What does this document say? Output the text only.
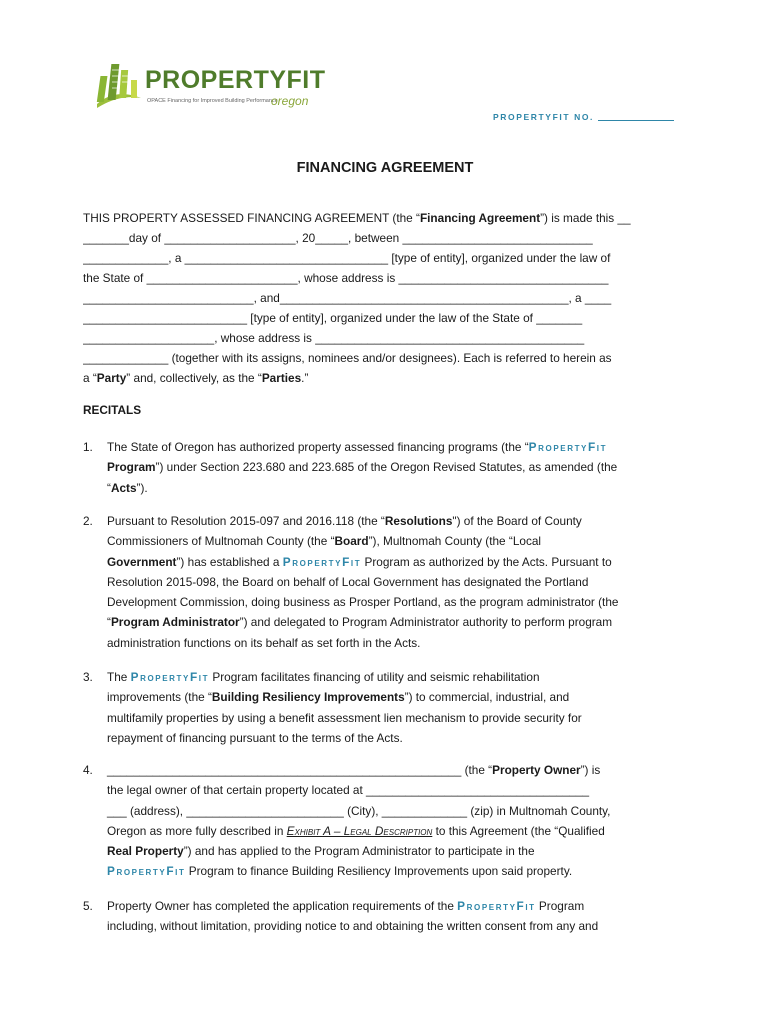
PROPERTYFIT
OPACE Financing for Improved Building Performance
oregon
PROPERTYFIT NO.
FINANCING AGREEMENT

THIS PROPERTY ASSESSED FINANCING AGREEMENT (the “Financing Agreement”) is made this __

_______day of ____________________, 20_____, between _____________________________

_____________, a _______________________________ [type of entity], organized under the law of

the State of _______________________, whose address is ________________________________

__________________________, and____________________________________________, a ____

_________________________ [type of entity], organized under the law of the State of _______

____________________, whose address is _________________________________________

_____________ (together with its assigns, nominees and/or designees). Each is referred to herein as

a “Party” and, collectively, as the “Parties.”

RECITALS
1. The State of Oregon has authorized property assessed financing programs (the “PropertyFit

Program”) under Section 223.680 and 223.685 of the Oregon Revised Statutes, as amended (the

“Acts”).

2. Pursuant to Resolution 2015-097 and 2016.118 (the “Resolutions") of the Board of County

Commissioners of Multnomah County (the “Board”), Multnomah County (the “Local

Government”) has established a PropertyFit Program as authorized by the Acts. Pursuant to

Resolution 2015-098, the Board on behalf of Local Government has designated the Portland

Development Commission, doing business as Prosper Portland, as the program administrator (the

“Program Administrator”) and delegated to Program Administrator authority to perform program

administration functions on its behalf as set forth in the Acts.

3. The PropertyFit Program facilitates financing of utility and seismic rehabilitation

improvements (the “Building Resiliency Improvements”) to commercial, industrial, and

multifamily properties by using a benefit assessment lien mechanism to provide security for

repayment of financing pursuant to the terms of the Acts.

4. ______________________________________________________ (the “Property Owner”) is

the legal owner of that certain property located at __________________________________

___ (address), ________________________ (City), _____________ (zip) in Multnomah County,

Oregon as more fully described in Exhibit A – Legal Description to this Agreement (the “Qualified

Real Property”) and has applied to the Program Administrator to participate in the

PropertyFit Program to finance Building Resiliency Improvements upon said property.

5. Property Owner has completed the application requirements of the PropertyFit Program

including, without limitation, providing notice to and obtaining the written consent from any and
